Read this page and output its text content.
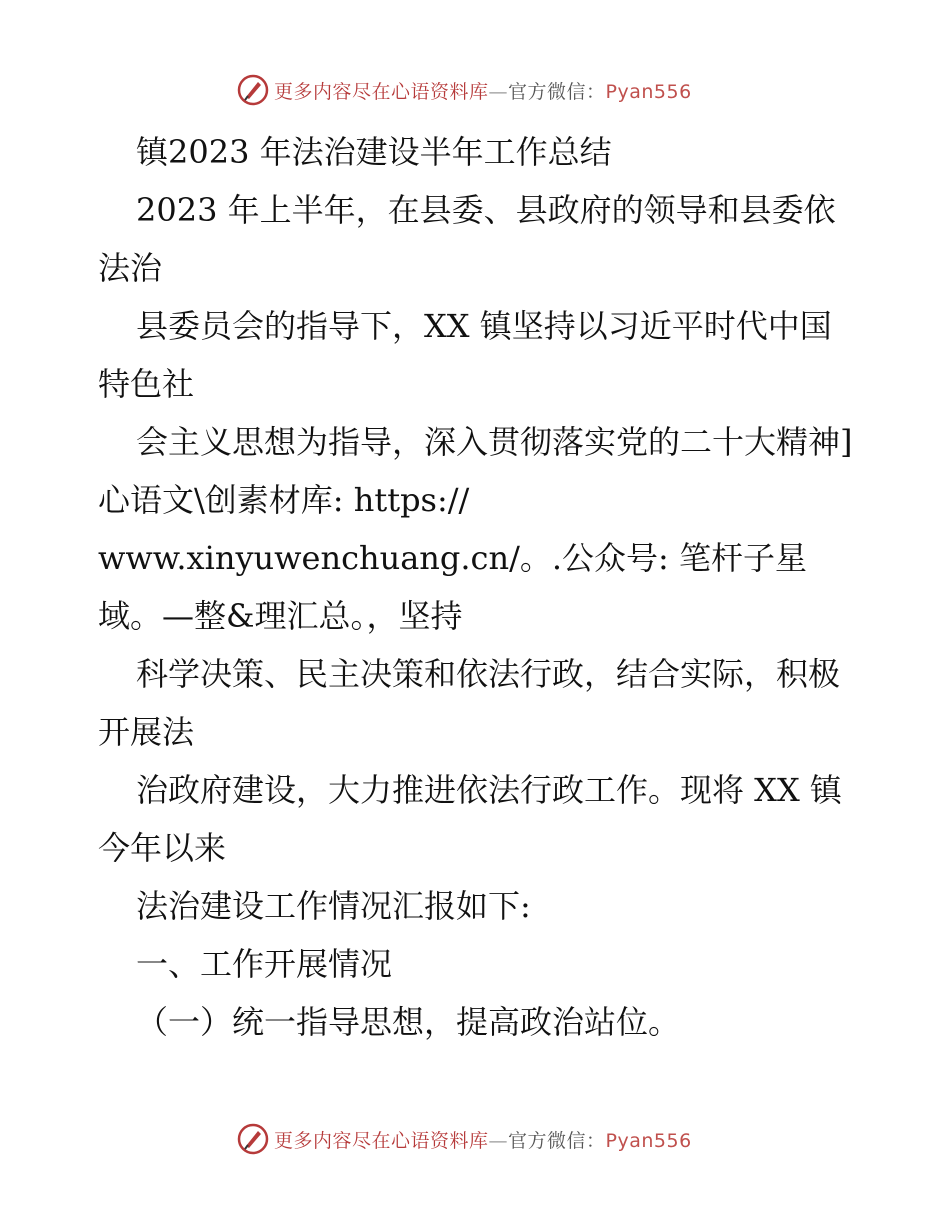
更多内容尽在心语资料库—官方微信：Pyan556

镇2023 年法治建设半年工作总结

2023 年上半年，在县委、县政府的领导和县委依法治

县委员会的指导下，XX 镇坚持以习近平时代中国特色社

会主义思想为指导，深入贯彻落实党的二十大精神]心语文\创素材库: https://

www.xinyuwenchuang.cn/。.公众号: 笔杆子星域。—整&理汇总。，坚持

科学决策、民主决策和依法行政，结合实际，积极开展法

治政府建设，大力推进依法行政工作。现将 XX 镇今年以来

法治建设工作情况汇报如下:

一、工作开展情况

（一）统一指导思想，提高政治站位。

更多内容尽在心语资料库—官方微信：Pyan556
